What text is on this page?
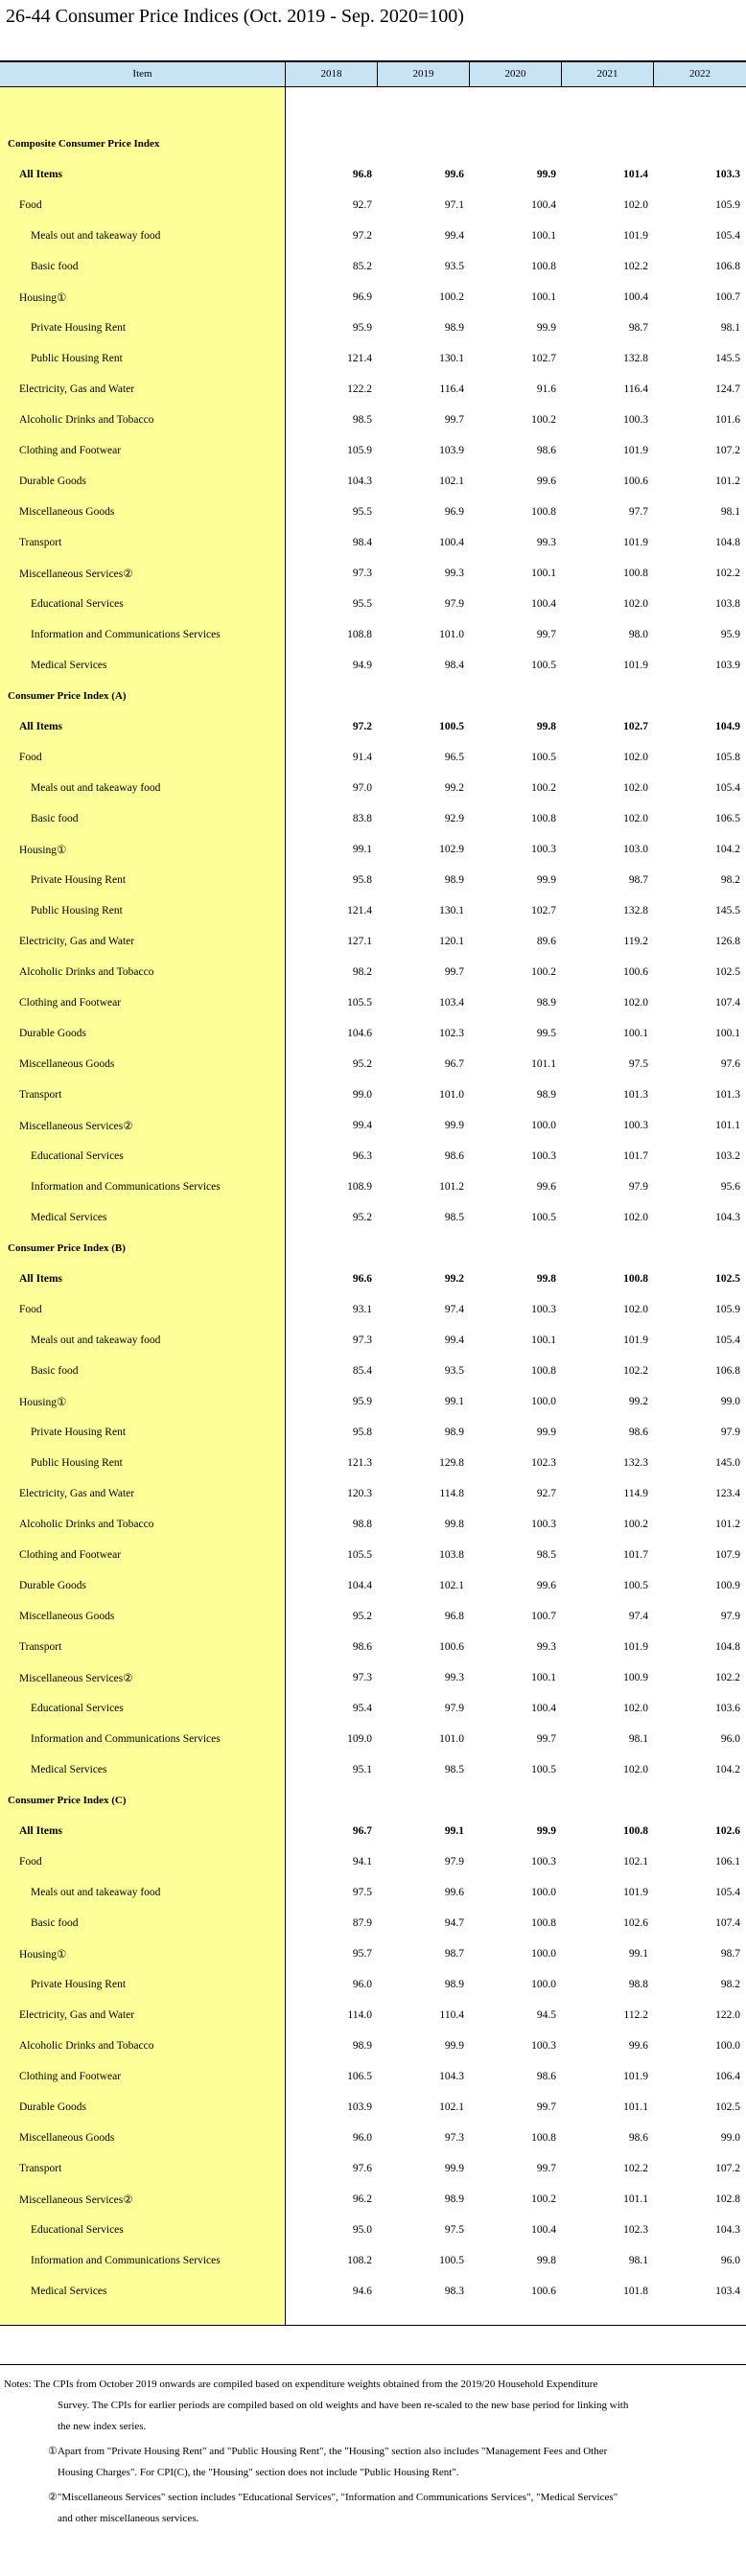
26-44 Consumer Price Indices (Oct. 2019 - Sep. 2020=100)
Item	2018	2019	2020	2021	2022
Composite Consumer Price Index
All Items	96.8	99.6	99.9	101.4	103.3
Food	92.7	97.1	100.4	102.0	105.9
Meals out and takeaway food	97.2	99.4	100.1	101.9	105.4
Basic food	85.2	93.5	100.8	102.2	106.8
Housing①	96.9	100.2	100.1	100.4	100.7
Private Housing Rent	95.9	98.9	99.9	98.7	98.1
Public Housing Rent	121.4	130.1	102.7	132.8	145.5
Electricity, Gas and Water	122.2	116.4	91.6	116.4	124.7
Alcoholic Drinks and Tobacco	98.5	99.7	100.2	100.3	101.6
Clothing and Footwear	105.9	103.9	98.6	101.9	107.2
Durable Goods	104.3	102.1	99.6	100.6	101.2
Miscellaneous Goods	95.5	96.9	100.8	97.7	98.1
Transport	98.4	100.4	99.3	101.9	104.8
Miscellaneous Services②	97.3	99.3	100.1	100.8	102.2
Educational Services	95.5	97.9	100.4	102.0	103.8
Information and Communications Services	108.8	101.0	99.7	98.0	95.9
Medical Services	94.9	98.4	100.5	101.9	103.9
Consumer Price Index (A)
All Items	97.2	100.5	99.8	102.7	104.9
Food	91.4	96.5	100.5	102.0	105.8
Meals out and takeaway food	97.0	99.2	100.2	102.0	105.4
Basic food	83.8	92.9	100.8	102.0	106.5
Housing①	99.1	102.9	100.3	103.0	104.2
Private Housing Rent	95.8	98.9	99.9	98.7	98.2
Public Housing Rent	121.4	130.1	102.7	132.8	145.5
Electricity, Gas and Water	127.1	120.1	89.6	119.2	126.8
Alcoholic Drinks and Tobacco	98.2	99.7	100.2	100.6	102.5
Clothing and Footwear	105.5	103.4	98.9	102.0	107.4
Durable Goods	104.6	102.3	99.5	100.1	100.1
Miscellaneous Goods	95.2	96.7	101.1	97.5	97.6
Transport	99.0	101.0	98.9	101.3	101.3
Miscellaneous Services②	99.4	99.9	100.0	100.3	101.1
Educational Services	96.3	98.6	100.3	101.7	103.2
Information and Communications Services	108.9	101.2	99.6	97.9	95.6
Medical Services	95.2	98.5	100.5	102.0	104.3
Consumer Price Index (B)
All Items	96.6	99.2	99.8	100.8	102.5
Food	93.1	97.4	100.3	102.0	105.9
Meals out and takeaway food	97.3	99.4	100.1	101.9	105.4
Basic food	85.4	93.5	100.8	102.2	106.8
Housing①	95.9	99.1	100.0	99.2	99.0
Private Housing Rent	95.8	98.9	99.9	98.6	97.9
Public Housing Rent	121.3	129.8	102.3	132.3	145.0
Electricity, Gas and Water	120.3	114.8	92.7	114.9	123.4
Alcoholic Drinks and Tobacco	98.8	99.8	100.3	100.2	101.2
Clothing and Footwear	105.5	103.8	98.5	101.7	107.9
Durable Goods	104.4	102.1	99.6	100.5	100.9
Miscellaneous Goods	95.2	96.8	100.7	97.4	97.9
Transport	98.6	100.6	99.3	101.9	104.8
Miscellaneous Services②	97.3	99.3	100.1	100.9	102.2
Educational Services	95.4	97.9	100.4	102.0	103.6
Information and Communications Services	109.0	101.0	99.7	98.1	96.0
Medical Services	95.1	98.5	100.5	102.0	104.2
Consumer Price Index (C)
All Items	96.7	99.1	99.9	100.8	102.6
Food	94.1	97.9	100.3	102.1	106.1
Meals out and takeaway food	97.5	99.6	100.0	101.9	105.4
Basic food	87.9	94.7	100.8	102.6	107.4
Housing①	95.7	98.7	100.0	99.1	98.7
Private Housing Rent	96.0	98.9	100.0	98.8	98.2
Electricity, Gas and Water	114.0	110.4	94.5	112.2	122.0
Alcoholic Drinks and Tobacco	98.9	99.9	100.3	99.6	100.0
Clothing and Footwear	106.5	104.3	98.6	101.9	106.4
Durable Goods	103.9	102.1	99.7	101.1	102.5
Miscellaneous Goods	96.0	97.3	100.8	98.6	99.0
Transport	97.6	99.9	99.7	102.2	107.2
Miscellaneous Services②	96.2	98.9	100.2	101.1	102.8
Educational Services	95.0	97.5	100.4	102.3	104.3
Information and Communications Services	108.2	100.5	99.8	98.1	96.0
Medical Services	94.6	98.3	100.6	101.8	103.4
Notes: The CPIs from October 2019 onwards are compiled based on expenditure weights obtained from the 2019/20 Household Expenditure
Survey. The CPIs for earlier periods are compiled based on old weights and have been re-scaled to the new base period for linking with
the new index series.
①Apart from "Private Housing Rent" and "Public Housing Rent", the "Housing" section also includes "Management Fees and Other
Housing Charges". For CPI(C), the "Housing" section does not include "Public Housing Rent".
②"Miscellaneous Services" section includes "Educational Services", "Information and Communications Services", "Medical Services"
and other miscellaneous services.
